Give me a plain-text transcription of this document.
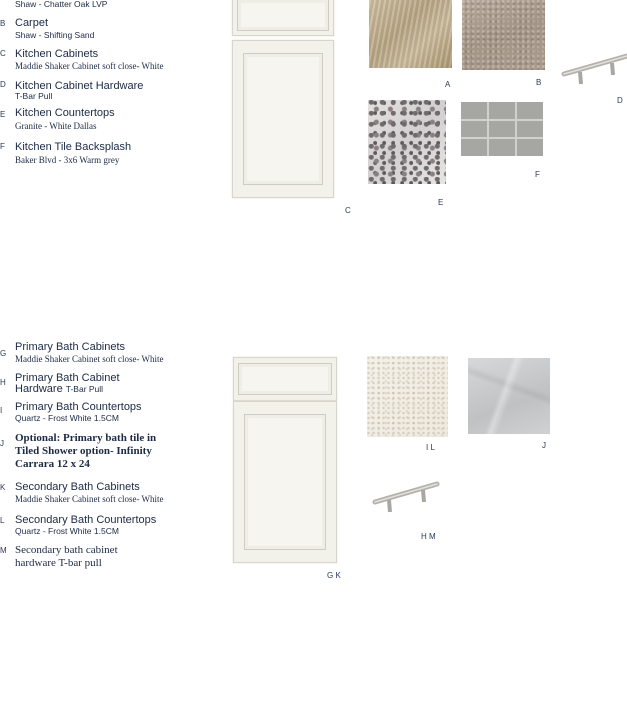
Shaw - Chatter Oak LVP
B Carpet
Shaw - Shifting Sand
C Kitchen Cabinets
Maddie Shaker Cabinet soft close- White
D Kitchen Cabinet Hardware
T-Bar Pull
E Kitchen Countertops
Granite - White Dallas
F Kitchen Tile Backsplash
Baker Blvd - 3x6 Warm grey
C
A	B
D
E
F
G
Primary Bath Cabinets
Maddie Shaker Cabinet soft close- White
H Primary Bath Cabinet
Hardware T-Bar Pull
I Primary Bath Countertops
Quartz - Frost White 1.5CM
J Optional: Primary bath tile in Tiled Shower option- Infinity Carrara 12 x 24
K Secondary Bath Cabinets
Maddie Shaker Cabinet soft close- White
L Secondary Bath Countertops
Quartz - Frost White 1.5CM
M Secondary bath cabinet hardware T-bar pull
G K
I L	J
H M
